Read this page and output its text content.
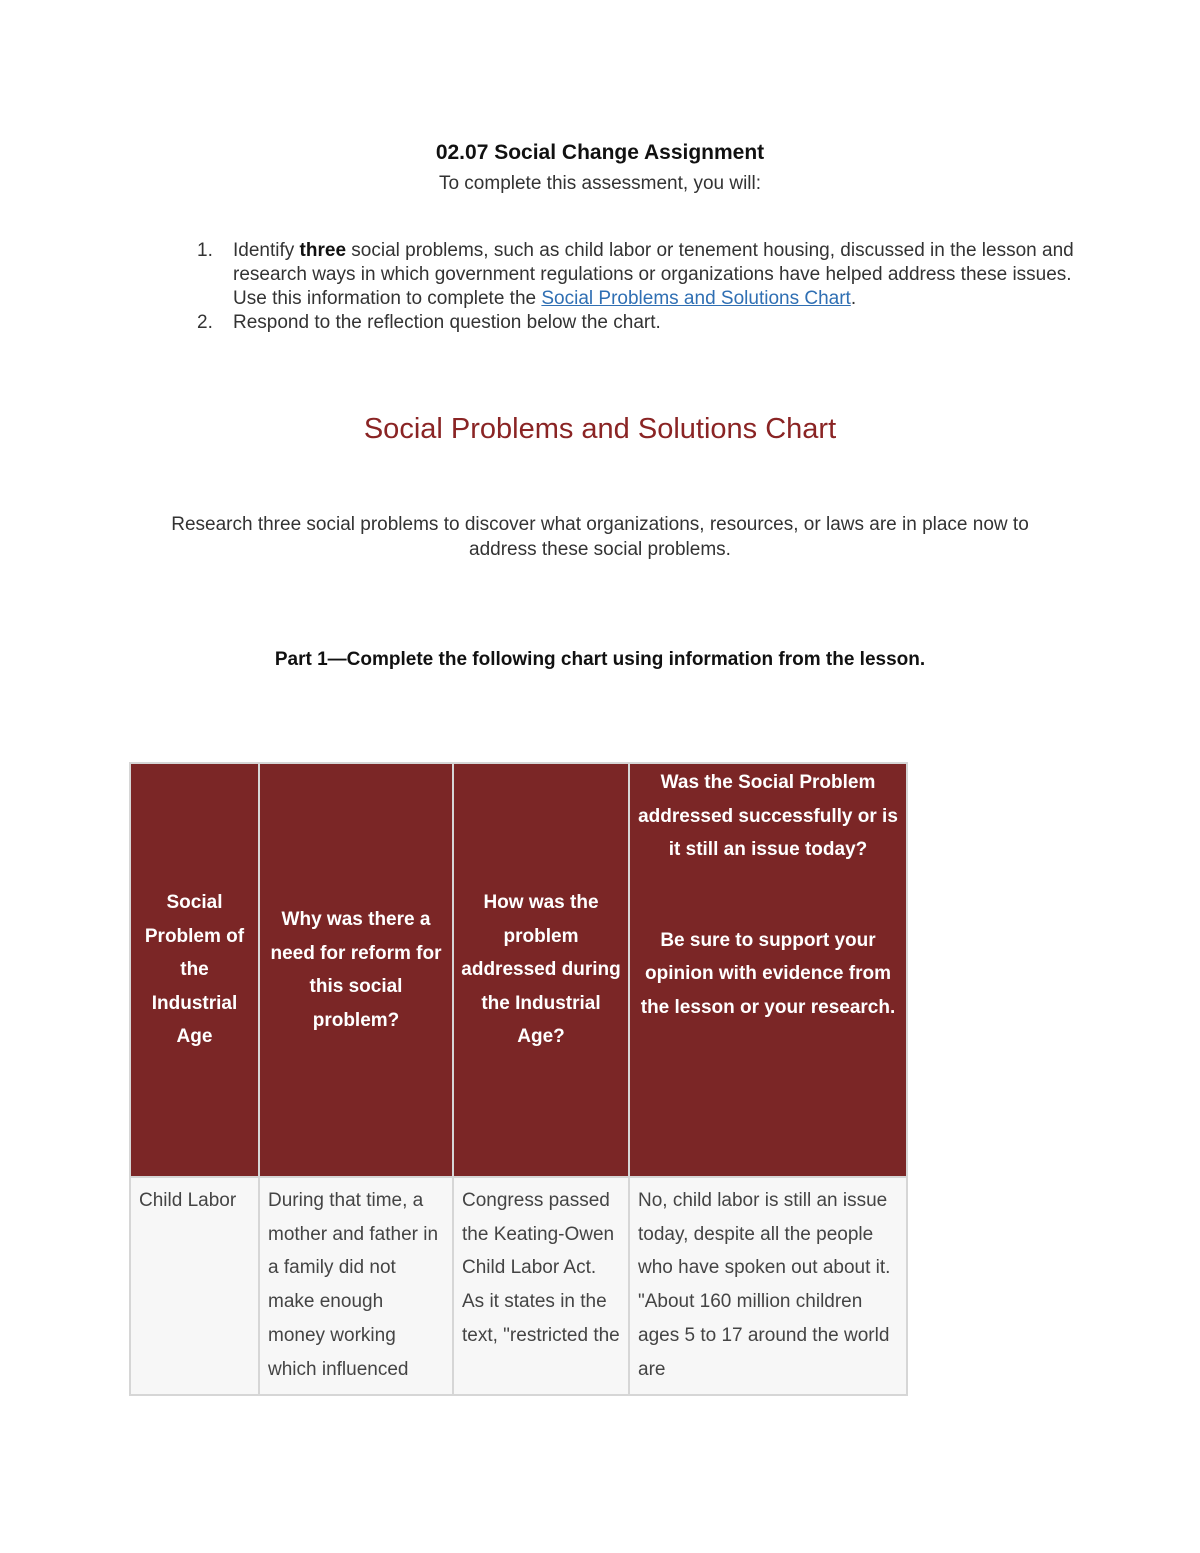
02.07 Social Change Assignment
To complete this assessment, you will:
1. Identify three social problems, such as child labor or tenement housing, discussed in the lesson and research ways in which government regulations or organizations have helped address these issues. Use this information to complete the Social Problems and Solutions Chart.
2. Respond to the reflection question below the chart.
Social Problems and Solutions Chart
Research three social problems to discover what organizations, resources, or laws are in place now to address these social problems.
Part 1—Complete the following chart using information from the lesson.
Social Problem of the Industrial Age	Why was there a need for reform for this social problem?	How was the problem addressed during the Industrial Age?	Was the Social Problem addressed successfully or is it still an issue today?
Be sure to support your opinion with evidence from the lesson or your research.

Child Labor	During that time, a mother and father in a family did not make enough money working which influenced	Congress passed the Keating-Owen Child Labor Act. As it states in the text, "restricted the	No, child labor is still an issue today, despite all the people who have spoken out about it. "About 160 million children ages 5 to 17 around the world are
